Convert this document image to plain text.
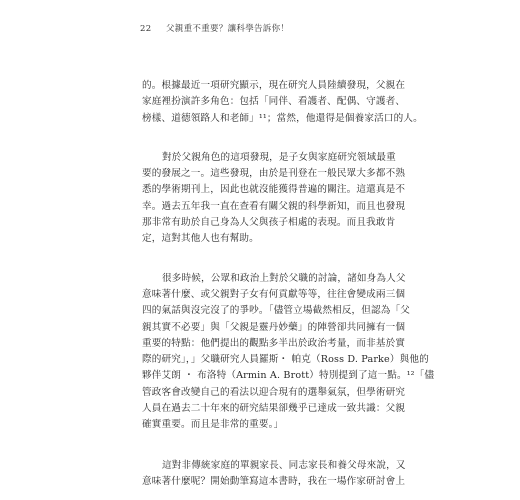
22 父親重不重要？讓科學告訴你！
的。根據最近一項研究顯示，現在研究人員陸續發現，父親在
家庭裡扮演許多角色：包括「同伴、看護者、配偶、守護者、
榜樣、道德領路人和老師」¹¹；當然，他還得是個養家活口的人。
對於父親角色的這項發現，是子女與家庭研究領域最重
要的發展之一。這些發現，由於是刊登在一般民眾大多都不熟
悉的學術期刊上，因此也就沒能獲得普遍的關注。這還真是不
幸。過去五年我一直在查看有關父親的科學新知，而且也發現
那非常有助於自己身為人父與孩子相處的表現。而且我敢肯
定，這對其他人也有幫助。
很多時候，公眾和政治上對於父職的討論，諸如身為人父
意味著什麼、或父親對子女有何貢獻等等，往往會變成兩三個
四的氣話與沒完沒了的爭吵。「儘管立場截然相反，但認為「父
親其實不必要」與「父親是靈丹妙藥」的陣營卻共同擁有一個
重要的特點：他們提出的觀點多半出於政治考量，而非基於實
際的研究」，」父職研究人員羅斯・ 帕克（Ross D. Parke）與他的
夥伴艾朗 ・ 布洛特（Armin A. Brott）特別提到了這一點。¹²「儘
管政客會改變自己的看法以迎合現有的選舉氣氛，但學術研究
人員在過去二十年來的研究結果卻幾乎已達成一致共識：父親
確實重要。而且是非常的重要。」
這對非傳統家庭的單親家長、同志家長和養父母來說，又
意味著什麼呢？開始動筆寫這本書時，我在一場作家研討會上
